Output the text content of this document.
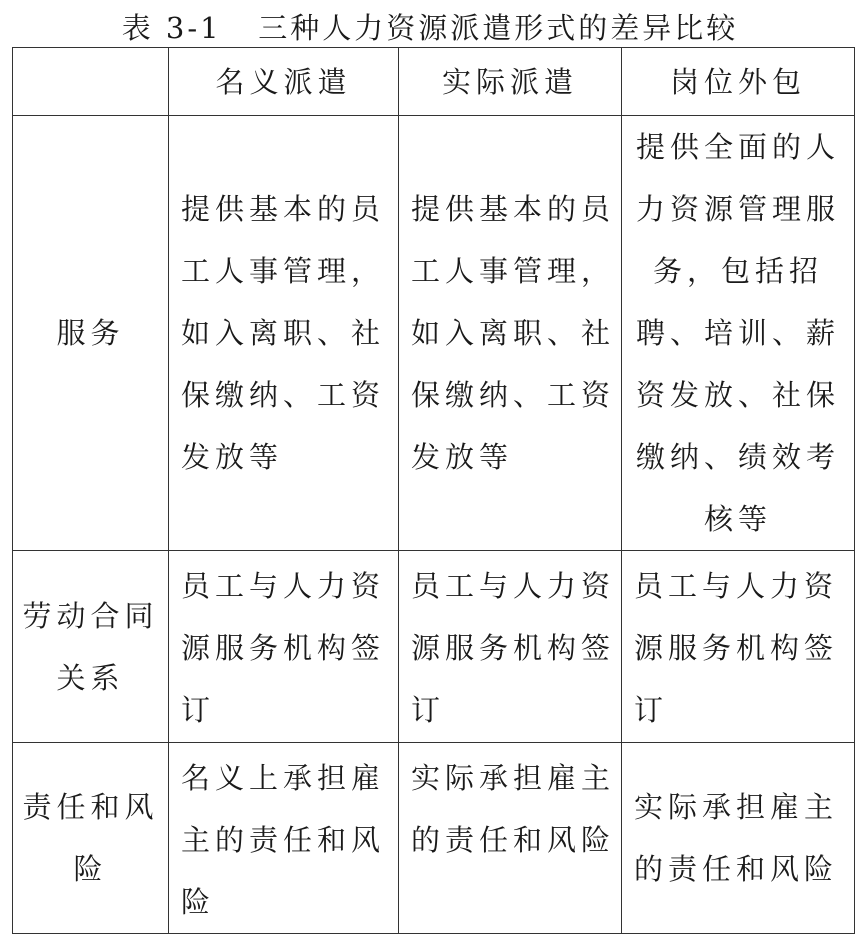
表 3-1   三种人力资源派遣形式的差异比较
	名义派遣	实际派遣	岗位外包
服务	提供基本的员工人事管理，如入离职、社保缴纳、工资发放等	提供基本的员工人事管理，如入离职、社保缴纳、工资发放等	提供全面的人力资源管理服务，包括招聘、培训、薪资发放、社保缴纳、绩效考核等
劳动合同关系	员工与人力资源服务机构签订	员工与人力资源服务机构签订	员工与人力资源服务机构签订
责任和风险	名义上承担雇主的责任和风险	实际承担雇主的责任和风险	实际承担雇主的责任和风险
